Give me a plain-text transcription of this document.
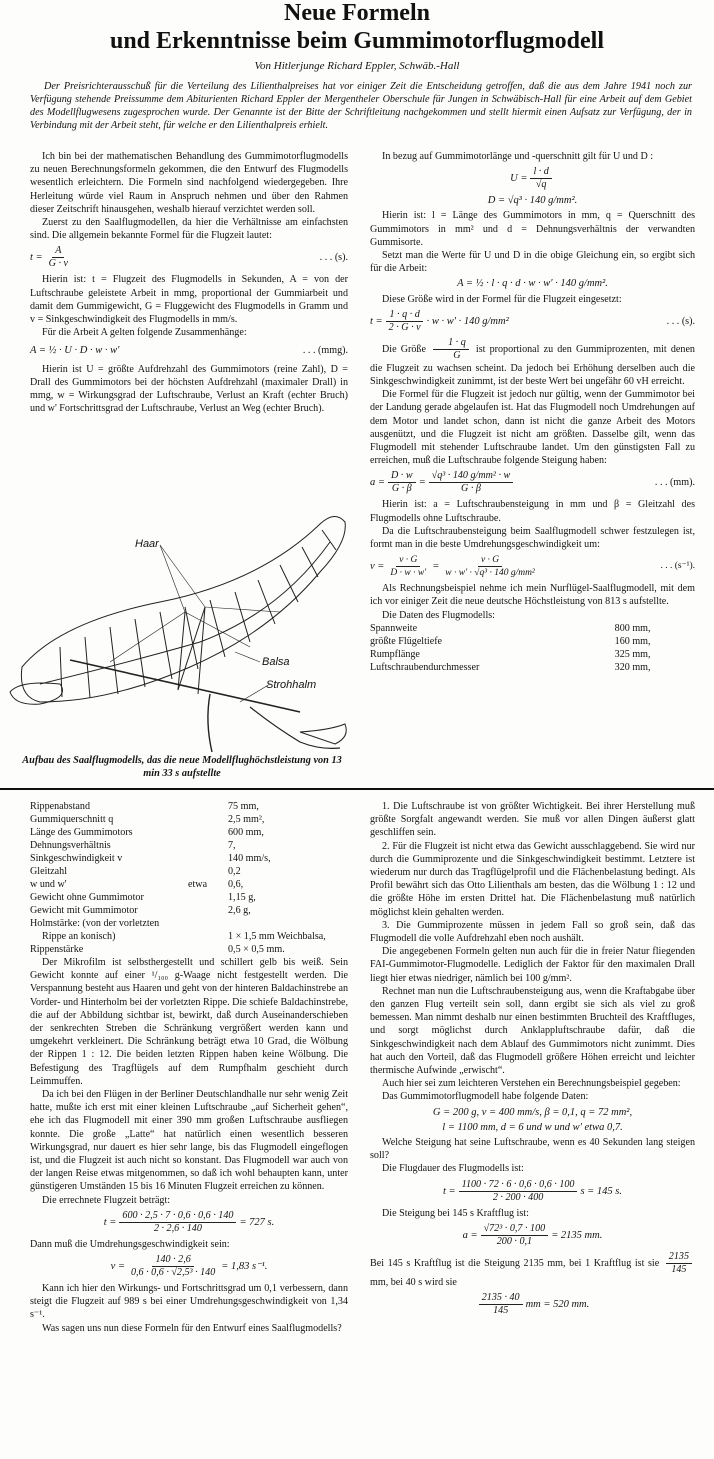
Neue Formeln
und Erkenntnisse beim Gummimotorflugmodell
Von Hitlerjunge Richard Eppler, Schwäb.-Hall
Der Preisrichterausschuß für die Verteilung des Lilienthalpreises hat vor einiger Zeit die Entscheidung getroffen, daß die aus dem Jahre 1941 noch zur Verfügung stehende Preissumme dem Abiturienten Richard Eppler der Mergentheler Oberschule für Jungen in Schwäbisch-Hall für eine Arbeit auf dem Gebiet des Modellflugwesens zugesprochen wurde. Der Genannte ist der Bitte der Schriftleitung nachgekommen und stellt hiermit einen Aufsatz zur Verfügung, der in Verbindung mit der Arbeit steht, für welche er den Lilienthalpreis erhielt.

Ich bin bei der mathematischen Behandlung des Gummimotorflugmodells zu neuen Berechnungsformeln gekommen, die den Entwurf des Flugmodells wesentlich erleichtern. Die Formeln sind nachfolgend wiedergegeben. Ihre Herleitung würde viel Raum in Anspruch nehmen und über den Rahmen dieser Zeitschrift hinausgehen, weshalb hierauf verzichtet werden soll.

Zuerst zu den Saalflugmodellen, da hier die Verhältnisse am einfachsten sind. Die allgemein bekannte Formel für die Flugzeit lautet:

$t = \frac{A}{G \cdot v}$	. . . (s).

Hierin ist: t = Flugzeit des Flugmodells in Sekunden, A = von der Luftschraube geleistete Arbeit in mmg, proportional der Gummiarbeit und damit dem Gummigewicht, G = Fluggewicht des Flugmodells in Gramm und v = Sinkgeschwindigkeit des Flugmodells in mm/s.

Für die Arbeit A gelten folgende Zusammenhänge:

A = ½ · U · D · w · w'	. . . (mmg).

Hierin ist U = größte Aufdrehzahl des Gummimotors (reine Zahl), D = Drall des Gummimotors bei der höchsten Aufdrehzahl (maximaler Drall) in mmg, w = Wirkungsgrad der Luftschraube, Verlust an Kraft (echter Bruch) und w' Fortschrittsgrad der Luftschraube, Verlust an Weg (echter Bruch).

Haar
Balsa
Strohhalm
Aufbau des Saalflugmodells, das die neue Modellflughöchstleistung von 13 min 33 s aufstellte

In bezug auf Gummimotorlänge und -querschnitt gilt für U und D :

$U = \frac{l \cdot d}{√q}$
D = √q³ · 140 g/mm².

Hierin ist: l = Länge des Gummimotors in mm, q = Querschnitt des Gummimotors in mm² und d = Dehnungsverhältnis der verwandten Gummisorte.

Setzt man die Werte für U und D in die obige Gleichung ein, so ergibt sich für die Arbeit:

A = ½ · l · q · d · w · w' · 140 g/mm².

Diese Größe wird in der Formel für die Flugzeit eingesetzt:

$t = \frac{1 \cdot q \cdot d}{2 \cdot G \cdot v} \cdot w \cdot w' \cdot 140$ g/mm²	. . . (s).

Die Größe $\frac{1 \cdot q}{G}$ ist proportional zu den Gummiprozenten, mit denen die Flugzeit zu wachsen scheint. Da jedoch bei Erhöhung derselben auch die Sinkgeschwindigkeit zunimmt, ist der beste Wert bei ungefähr 60 vH erreicht.

Die Formel für die Flugzeit ist jedoch nur gültig, wenn der Gummimotor bei der Landung gerade abgelaufen ist. Hat das Flugmodell noch Umdrehungen auf dem Motor und landet schon, dann ist nicht die ganze Arbeit des Motors ausgenützt, und die Flugzeit ist nicht am größten. Dasselbe gilt, wenn das Flugmodell mit stehender Luftschraube landet. Um den günstigsten Fall zu erreichen, muß die Luftschraube folgende Steigung haben:

$a = \frac{D \cdot w}{G \cdot \beta} = \frac{\text{√q³ · 140 g/mm² · w}}{G \cdot \beta}$	. . . (mm).

Hierin ist: a = Luftschraubensteigung in mm und β = Gleitzahl des Flugmodells ohne Luftschraube.

Da die Luftschraubensteigung beim Saalflugmodell schwer festzulegen ist, formt man in die beste Umdrehungsgeschwindigkeit um:

$v = \frac{v \cdot G}{D \cdot w \cdot w'} = \frac{v \cdot G}{\text{w · w' · √q³ · 140 g/mm²}}$	. . . (s⁻¹).

Als Rechnungsbeispiel nehme ich mein Nurflügel-Saalflugmodell, mit dem ich vor einiger Zeit die neue deutsche Höchstleistung von 813 s aufstellte.

Die Daten des Flugmodells:

Spannweite	800 mm,
größte Flügeltiefe	160 mm,
Rumpflänge	325 mm,
Luftschraubendurchmesser	320 mm,
Rippenabstand		75 mm,
Gummiquerschnitt q		2,5 mm²,
Länge des Gummimotors		600 mm,
Dehnungsverhältnis		7,
Sinkgeschwindigkeit v		140 mm/s,
Gleitzahl		0,2
w und w'	etwa	0,6,
Gewicht ohne Gummimotor		1,15 g,
Gewicht mit Gummimotor		2,6 g,
Holmstärke: (von der vorletzten		
Rippe an konisch)		1 × 1,5 mm Weichbalsa,
Rippenstärke		0,5 × 0,5 mm.

Der Mikrofilm ist selbsthergestellt und schillert gelb bis weiß. Sein Gewicht konnte auf einer ¹/₁₀₀ g-Waage nicht festgestellt werden. Die Verspannung besteht aus Haaren und geht von der hinteren Baldachinstrebe an Vorder- und Hinterholm bei der vorletzten Rippe. Die schiefe Baldachinstrebe, die auf der Abbildung sichtbar ist, bewirkt, daß durch Auseinanderschieben der senkrechten Streben die Schränkung vergrößert werden kann und umgekehrt verkleinert. Die Schränkung beträgt etwa 10 Grad, die Wölbung der Rippen 1 : 12. Die beiden letzten Rippen haben keine Wölbung. Die Befestigung des Tragflügels auf dem Rumpfhalm geschieht durch Leimmuffen.

Da ich bei den Flügen in der Berliner Deutschlandhalle nur sehr wenig Zeit hatte, mußte ich erst mit einer kleinen Luftschraube „auf Sicherheit gehen“, ehe ich das Flugmodell mit einer 390 mm großen Luftschraube ausfliegen konnte. Die große „Latte“ hat natürlich einen wesentlich besseren Wirkungsgrad, nur dauert es hier sehr lange, bis das Flugmodell eingeflogen ist, und die Flugzeit ist auch nicht so konstant. Das Flugmodell war auch von der langen Reise etwas mitgenommen, so daß ich wohl behaupten kann, unter günstigeren Umständen 15 bis 16 Minuten Flugzeit erreichen zu können.

Die errechnete Flugzeit beträgt:

$t = \frac{600 \cdot 2,5 \cdot 7 \cdot 0,6 \cdot 0,6 \cdot 140}{2 \cdot 2,6 \cdot 140} = 727$ s.

Dann muß die Umdrehungsgeschwindigkeit sein:

$v = \frac{140 \cdot 2,6}{\text{0,6 · 0,6 · √2,5³ · 140}} = 1,83$ s⁻¹.

Kann ich hier den Wirkungs- und Fortschrittsgrad um 0,1 verbessern, dann steigt die Flugzeit auf 989 s bei einer Umdrehungsgeschwindigkeit von 1,34 s⁻¹.

Was sagen uns nun diese Formeln für den Entwurf eines Saalflugmodells?

1. Die Luftschraube ist von größter Wichtigkeit. Bei ihrer Herstellung muß größte Sorgfalt angewandt werden. Sie muß vor allen Dingen äußerst glatt geschliffen sein.

2. Für die Flugzeit ist nicht etwa das Gewicht ausschlaggebend. Sie wird nur durch die Gummiprozente und die Sinkgeschwindigkeit bestimmt. Letztere ist wiederum nur durch das Tragflügelprofil und die Flächenbelastung bedingt. Als Profil bewährt sich das Otto Lilienthals am besten, das die Wölbung 1 : 12 und die größte Höhe im ersten Drittel hat. Die Flächenbelastung muß natürlich möglichst klein gehalten werden.

3. Die Gummiprozente müssen in jedem Fall so groß sein, daß das Flugmodell die volle Aufdrehzahl eben noch aushält.

Die angegebenen Formeln gelten nun auch für die in freier Natur fliegenden FAI-Gummimotor-Flugmodelle. Lediglich der Faktor für den maximalen Drall liegt hier etwas niedriger, nämlich bei 100 g/mm².

Rechnet man nun die Luftschraubensteigung aus, wenn die Kraftabgabe über den ganzen Flug verteilt sein soll, dann ergibt sie sich als viel zu groß bemessen. Man nimmt deshalb nur einen bestimmten Bruchteil des Kraftfluges, und sorgt möglichst durch Anklappluftschraube dafür, daß die Sinkgeschwindigkeit nach dem Ablauf des Gummimotors nicht zunimmt. Dies hat auch den Vorteil, daß das Flugmodell größere Höhen erreicht und leichter thermische Aufwinde „erwischt“.

Auch hier sei zum leichteren Verstehen ein Berechnungsbeispiel gegeben:

Das Gummimotorflugmodell habe folgende Daten:

G = 200 g, v = 400 mm/s, β = 0,1, q = 72 mm²,
l = 1100 mm, d = 6 und w und w' etwa 0,7.

Welche Steigung hat seine Luftschraube, wenn es 40 Sekunden lang steigen soll?

Die Flugdauer des Flugmodells ist:

$t = \frac{1100 \cdot 72 \cdot 6 \cdot 0,6 \cdot 0,6 \cdot 100}{2 \cdot 200 \cdot 400}$ s = 145 s.

Die Steigung bei 145 s Kraftflug ist:

$a = \frac{\text{√72³ · 0,7 · 100}}{200 \cdot 0,1} = 2135$ mm.

Bei 145 s Kraftflug ist die Steigung 2135 mm, bei 1 Kraftflug ist sie $\frac{2135}{145}$
mm, bei 40 s wird sie

$\frac{2135 \cdot 40}{145}$ mm = 520 mm.
